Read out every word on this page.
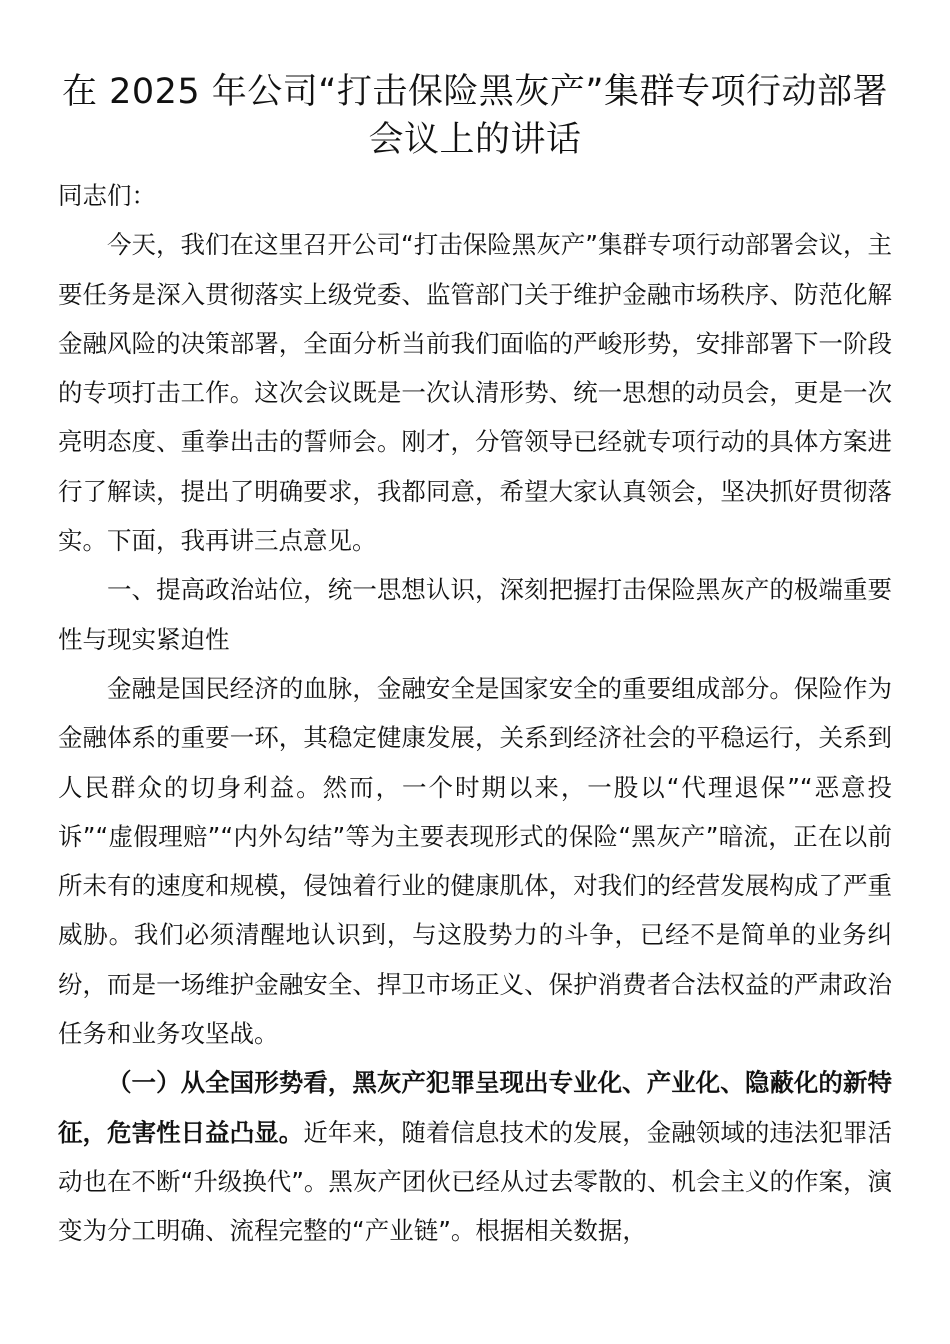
在 2025 年公司“打击保险黑灰产”集群专项行动部署会议上的讲话

同志们：

今天，我们在这里召开公司“打击保险黑灰产”集群专项行动部署会议，主要任务是深入贯彻落实上级党委、监管部门关于维护金融市场秩序、防范化解金融风险的决策部署，全面分析当前我们面临的严峻形势，安排部署下一阶段的专项打击工作。这次会议既是一次认清形势、统一思想的动员会，更是一次亮明态度、重拳出击的誓师会。刚才，分管领导已经就专项行动的具体方案进行了解读，提出了明确要求，我都同意，希望大家认真领会，坚决抓好贯彻落实。下面，我再讲三点意见。

一、提高政治站位，统一思想认识，深刻把握打击保险黑灰产的极端重要性与现实紧迫性

金融是国民经济的血脉，金融安全是国家安全的重要组成部分。保险作为金融体系的重要一环，其稳定健康发展，关系到经济社会的平稳运行，关系到人民群众的切身利益。然而，一个时期以来，一股以“代理退保”“恶意投诉”“虚假理赔”“内外勾结”等为主要表现形式的保险“黑灰产”暗流，正在以前所未有的速度和规模，侵蚀着行业的健康肌体，对我们的经营发展构成了严重威胁。我们必须清醒地认识到，与这股势力的斗争，已经不是简单的业务纠纷，而是一场维护金融安全、捍卫市场正义、保护消费者合法权益的严肃政治任务和业务攻坚战。

（一）从全国形势看，黑灰产犯罪呈现出专业化、产业化、隐蔽化的新特征，危害性日益凸显。近年来，随着信息技术的发展，金融领域的违法犯罪活动也在不断“升级换代”。黑灰产团伙已经从过去零散的、机会主义的作案，演变为分工明确、流程完整的“产业链”。根据相关数据，
